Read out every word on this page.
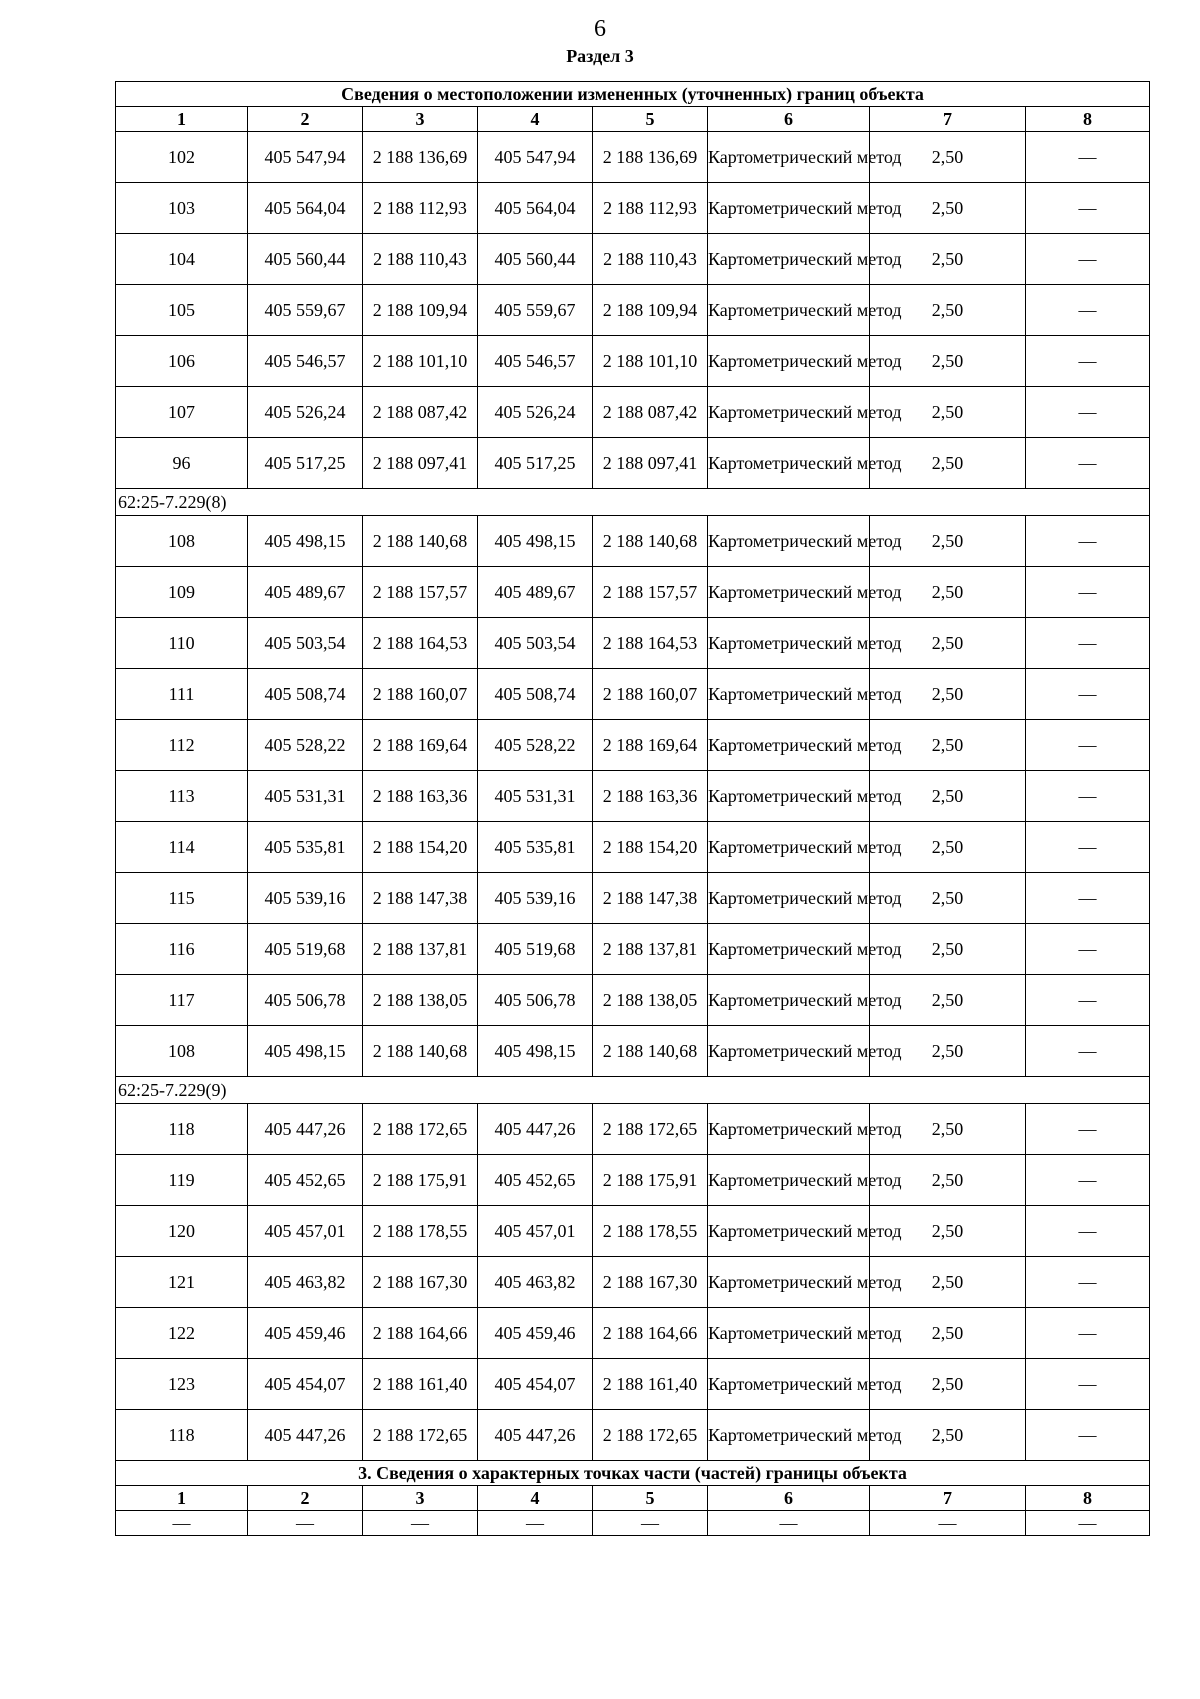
6
Раздел 3
Сведения о местоположении измененных (уточненных) границ объекта							
1	2	3	4	5	6	7	8
102	405 547,94	2 188 136,69	405 547,94	2 188 136,69	Картометрический метод	2,50	—
103	405 564,04	2 188 112,93	405 564,04	2 188 112,93	Картометрический метод	2,50	—
104	405 560,44	2 188 110,43	405 560,44	2 188 110,43	Картометрический метод	2,50	—
105	405 559,67	2 188 109,94	405 559,67	2 188 109,94	Картометрический метод	2,50	—
106	405 546,57	2 188 101,10	405 546,57	2 188 101,10	Картометрический метод	2,50	—
107	405 526,24	2 188 087,42	405 526,24	2 188 087,42	Картометрический метод	2,50	—
96	405 517,25	2 188 097,41	405 517,25	2 188 097,41	Картометрический метод	2,50	—
62:25-7.229(8)							
108	405 498,15	2 188 140,68	405 498,15	2 188 140,68	Картометрический метод	2,50	—
109	405 489,67	2 188 157,57	405 489,67	2 188 157,57	Картометрический метод	2,50	—
110	405 503,54	2 188 164,53	405 503,54	2 188 164,53	Картометрический метод	2,50	—
111	405 508,74	2 188 160,07	405 508,74	2 188 160,07	Картометрический метод	2,50	—
112	405 528,22	2 188 169,64	405 528,22	2 188 169,64	Картометрический метод	2,50	—
113	405 531,31	2 188 163,36	405 531,31	2 188 163,36	Картометрический метод	2,50	—
114	405 535,81	2 188 154,20	405 535,81	2 188 154,20	Картометрический метод	2,50	—
115	405 539,16	2 188 147,38	405 539,16	2 188 147,38	Картометрический метод	2,50	—
116	405 519,68	2 188 137,81	405 519,68	2 188 137,81	Картометрический метод	2,50	—
117	405 506,78	2 188 138,05	405 506,78	2 188 138,05	Картометрический метод	2,50	—
108	405 498,15	2 188 140,68	405 498,15	2 188 140,68	Картометрический метод	2,50	—
62:25-7.229(9)							
118	405 447,26	2 188 172,65	405 447,26	2 188 172,65	Картометрический метод	2,50	—
119	405 452,65	2 188 175,91	405 452,65	2 188 175,91	Картометрический метод	2,50	—
120	405 457,01	2 188 178,55	405 457,01	2 188 178,55	Картометрический метод	2,50	—
121	405 463,82	2 188 167,30	405 463,82	2 188 167,30	Картометрический метод	2,50	—
122	405 459,46	2 188 164,66	405 459,46	2 188 164,66	Картометрический метод	2,50	—
123	405 454,07	2 188 161,40	405 454,07	2 188 161,40	Картометрический метод	2,50	—
118	405 447,26	2 188 172,65	405 447,26	2 188 172,65	Картометрический метод	2,50	—
3. Сведения о характерных точках части (частей) границы объекта							
1	2	3	4	5	6	7	8
—	—	—	—	—	—	—	—
